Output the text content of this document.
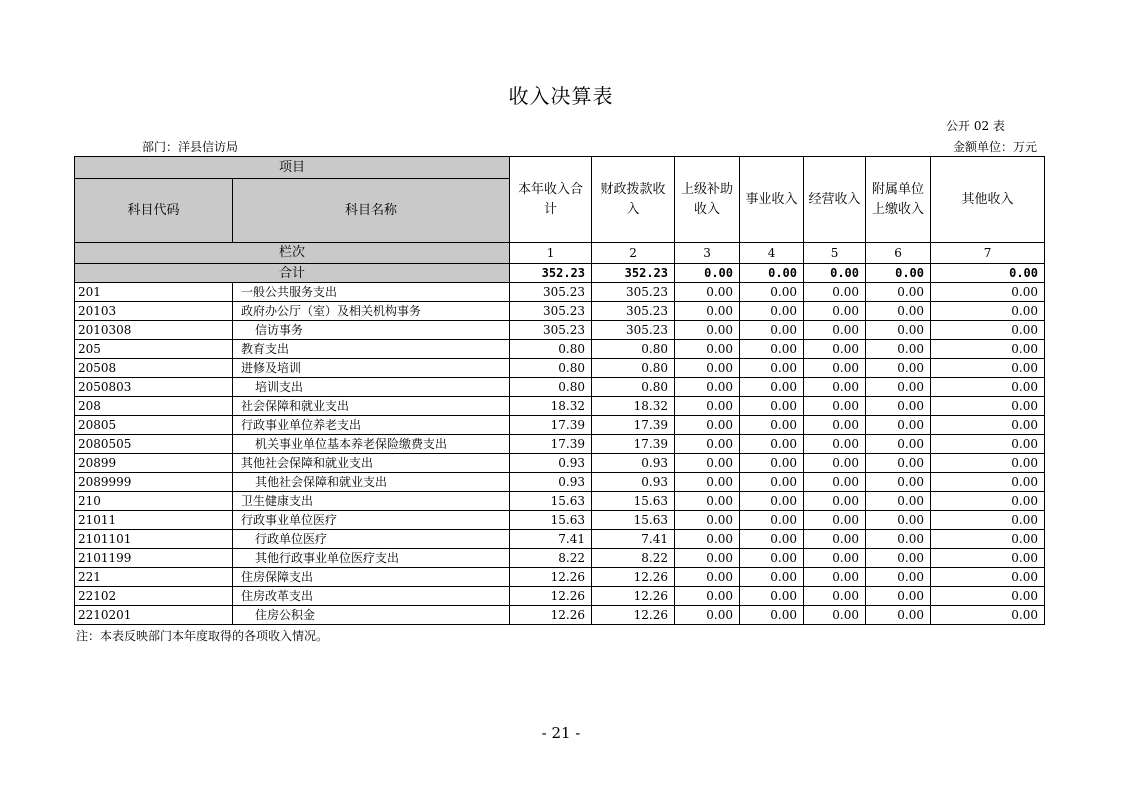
收入决算表
公开 02 表
部门：洋县信访局	金额单位：万元
项目		本年收入合计	财政拨款收入	上级补助收入	事业收入	经营收入	附属单位上缴收入	其他收入
科目代码	科目名称							
栏次		1	2	3	4	5	6	7
合计		352.23	352.23	0.00	0.00	0.00	0.00	0.00
201	一般公共服务支出	305.23	305.23	0.00	0.00	0.00	0.00	0.00
20103	政府办公厅（室）及相关机构事务	305.23	305.23	0.00	0.00	0.00	0.00	0.00
2010308	信访事务	305.23	305.23	0.00	0.00	0.00	0.00	0.00
205	教育支出	0.80	0.80	0.00	0.00	0.00	0.00	0.00
20508	进修及培训	0.80	0.80	0.00	0.00	0.00	0.00	0.00
2050803	培训支出	0.80	0.80	0.00	0.00	0.00	0.00	0.00
208	社会保障和就业支出	18.32	18.32	0.00	0.00	0.00	0.00	0.00
20805	行政事业单位养老支出	17.39	17.39	0.00	0.00	0.00	0.00	0.00
2080505	机关事业单位基本养老保险缴费支出	17.39	17.39	0.00	0.00	0.00	0.00	0.00
20899	其他社会保障和就业支出	0.93	0.93	0.00	0.00	0.00	0.00	0.00
2089999	其他社会保障和就业支出	0.93	0.93	0.00	0.00	0.00	0.00	0.00
210	卫生健康支出	15.63	15.63	0.00	0.00	0.00	0.00	0.00
21011	行政事业单位医疗	15.63	15.63	0.00	0.00	0.00	0.00	0.00
2101101	行政单位医疗	7.41	7.41	0.00	0.00	0.00	0.00	0.00
2101199	其他行政事业单位医疗支出	8.22	8.22	0.00	0.00	0.00	0.00	0.00
221	住房保障支出	12.26	12.26	0.00	0.00	0.00	0.00	0.00
22102	住房改革支出	12.26	12.26	0.00	0.00	0.00	0.00	0.00
2210201	住房公积金	12.26	12.26	0.00	0.00	0.00	0.00	0.00
注：本表反映部门本年度取得的各项收入情况。
- 21 -
